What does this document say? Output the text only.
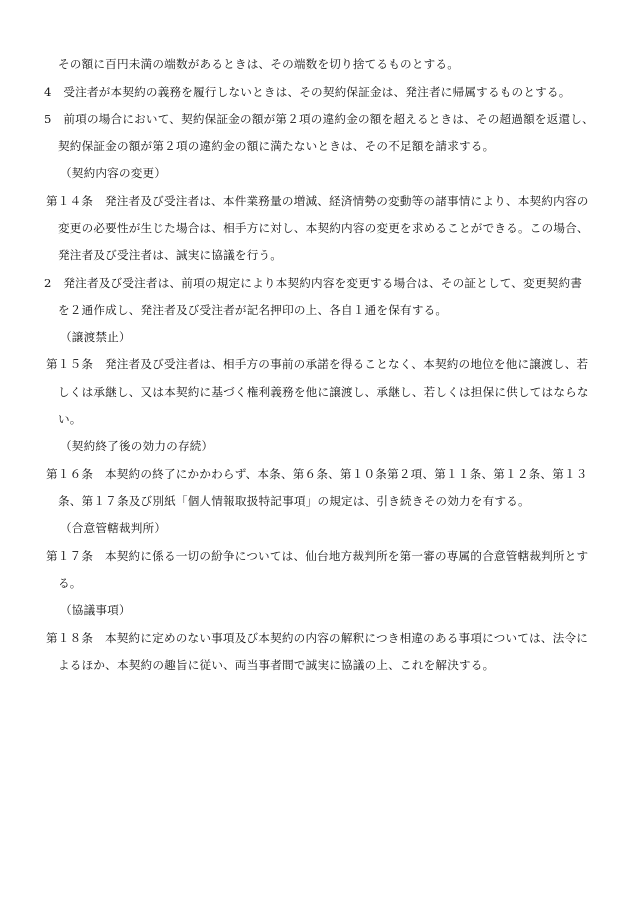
その額に百円未満の端数があるときは、その端数を切り捨てるものとする。
4　受注者が本契約の義務を履行しないときは、その契約保証金は、発注者に帰属するものとする。
5　前項の場合において、契約保証金の額が第２項の違約金の額を超えるときは、その超過額を返還し、
契約保証金の額が第２項の違約金の額に満たないときは、その不足額を請求する。
（契約内容の変更）
第１４条　発注者及び受注者は、本件業務量の増減、経済情勢の変動等の諸事情により、本契約内容の
変更の必要性が生じた場合は、相手方に対し、本契約内容の変更を求めることができる。この場合、
発注者及び受注者は、誠実に協議を行う。
2　発注者及び受注者は、前項の規定により本契約内容を変更する場合は、その証として、変更契約書
を２通作成し、発注者及び受注者が記名押印の上、各自１通を保有する。
（譲渡禁止）
第１５条　発注者及び受注者は、相手方の事前の承諾を得ることなく、本契約の地位を他に譲渡し、若
しくは承継し、又は本契約に基づく権利義務を他に譲渡し、承継し、若しくは担保に供してはならな
い。
（契約終了後の効力の存続）
第１６条　本契約の終了にかかわらず、本条、第６条、第１０条第２項、第１１条、第１２条、第１３
条、第１７条及び別紙「個人情報取扱特記事項」の規定は、引き続きその効力を有する。
（合意管轄裁判所）
第１７条　本契約に係る一切の紛争については、仙台地方裁判所を第一審の専属的合意管轄裁判所とす
る。
（協議事項）
第１８条　本契約に定めのない事項及び本契約の内容の解釈につき相違のある事項については、法令に
よるほか、本契約の趣旨に従い、両当事者間で誠実に協議の上、これを解決する。
